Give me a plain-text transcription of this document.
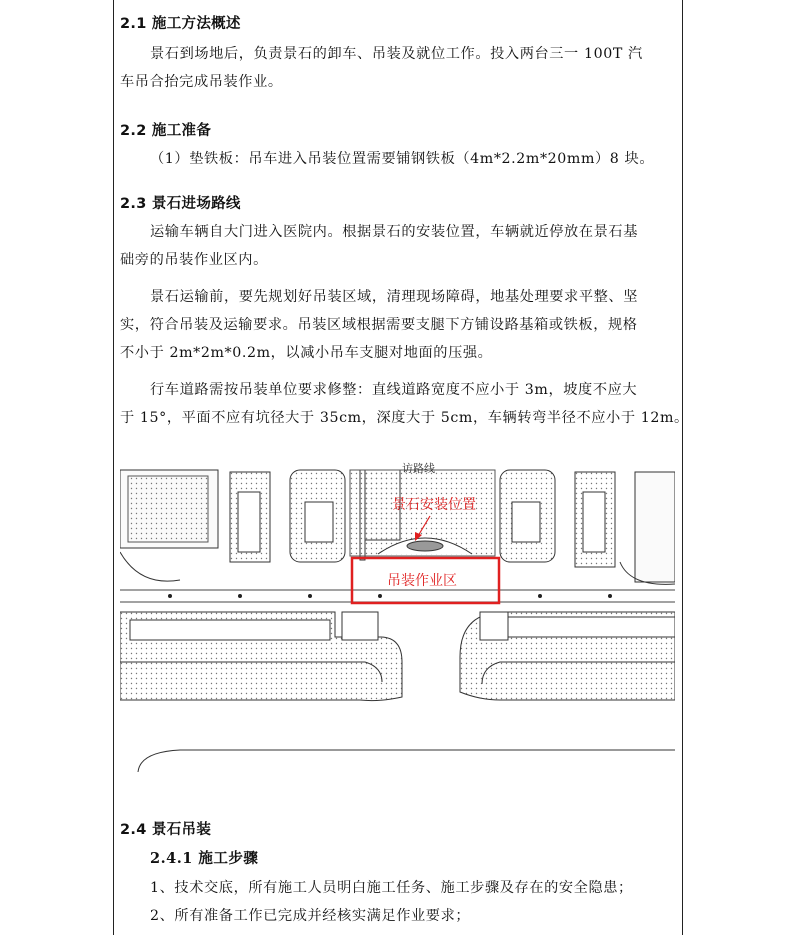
2.1 施工方法概述
景石到场地后，负责景石的卸车、吊装及就位工作。投入两台三一 100T 汽
车吊合抬完成吊装作业。
2.2 施工准备
（1）垫铁板：吊车进入吊装位置需要铺钢铁板（4m*2.2m*20mm）8 块。
2.3 景石进场路线
运输车辆自大门进入医院内。根据景石的安装位置，车辆就近停放在景石基
础旁的吊装作业区内。
景石运输前，要先规划好吊装区域，清理现场障碍，地基处理要求平整、坚
实，符合吊装及运输要求。吊装区域根据需要支腿下方铺设路基箱或铁板，规格
不小于 2m*2m*0.2m，以减小吊车支腿对地面的压强。
行车道路需按吊装单位要求修整：直线道路宽度不应小于 3m，坡度不应大
于 15°，平面不应有坑径大于 35cm，深度大于 5cm，车辆转弯半径不应小于 12m。
访路线
景石安装位置
吊装作业区
2.4 景石吊装
2.4.1 施工步骤
1、技术交底，所有施工人员明白施工任务、施工步骤及存在的安全隐患；
2、所有准备工作已完成并经核实满足作业要求；
